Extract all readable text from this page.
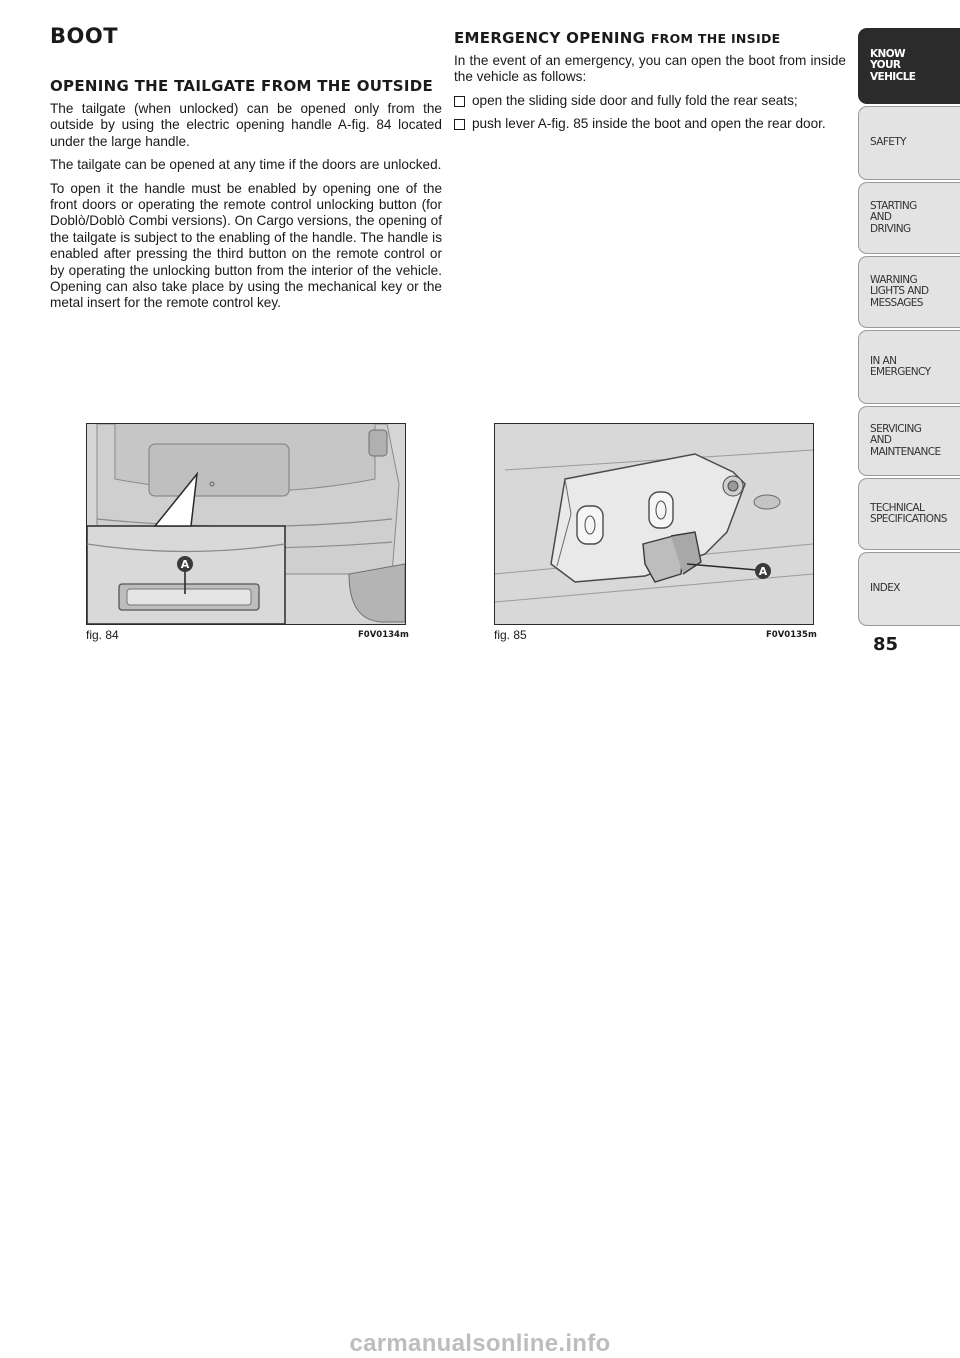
BOOT
OPENING THE TAILGATE FROM THE OUTSIDE

The tailgate (when unlocked) can be opened only from the outside by using the electric opening handle A-fig. 84 located under the large handle.

The tailgate can be opened at any time if the doors are unlocked.

To open it the handle must be enabled by opening one of the front doors or operating the remote control unlocking button (for Doblò/Doblò Combi versions). On Cargo versions, the opening of the tailgate is subject to the enabling of the handle. The handle is enabled after pressing the third button on the remote control or by operating the unlocking button from the interior of the vehicle. Opening can also take place by using the mechanical key or the metal insert for the remote control key.

EMERGENCY OPENING FROM THE INSIDE

In the event of an emergency, you can open the boot from inside the vehicle as follows:

open the sliding side door and fully fold the rear seats;
push lever A-fig. 85 inside the boot and open the rear door.
A
fig. 84	F0V0134m
A
fig. 85	F0V0135m
KNOW
YOUR
VEHICLE
SAFETY
STARTING
AND
DRIVING
WARNING
LIGHTS AND
MESSAGES
IN AN
EMERGENCY
SERVICING
AND
MAINTENANCE
TECHNICAL
SPECIFICATIONS
INDEX
85
carmanualsonline.info
